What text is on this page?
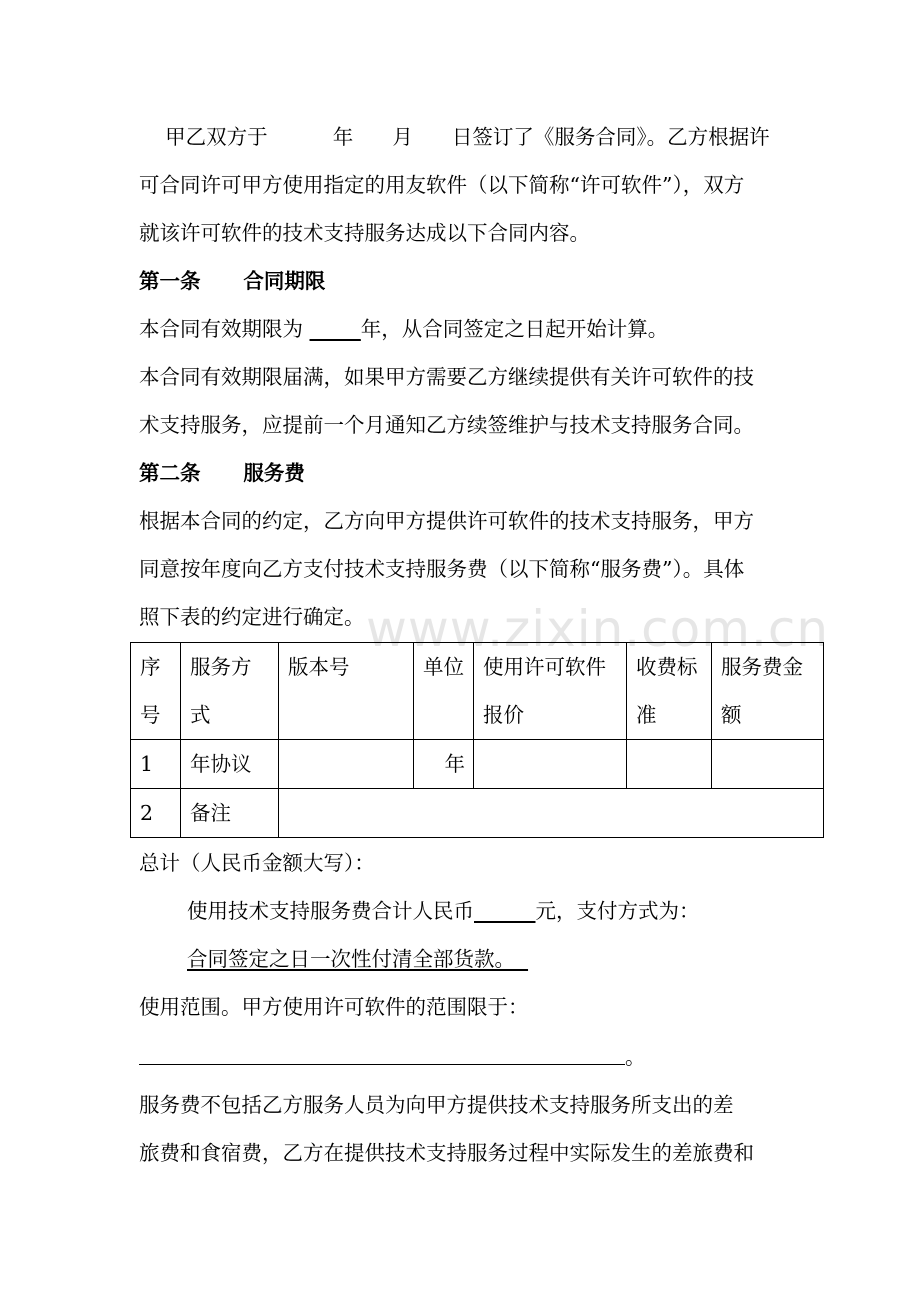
甲乙双方于          年      月      日签订了《服务合同》。乙方根据许
可合同许可甲方使用指定的用友软件（以下简称“许可软件”），双方
就该许可软件的技术支持服务达成以下合同内容。
第一条      合同期限
本合同有效期限为 _____年，从合同签定之日起开始计算。
本合同有效期限届满，如果甲方需要乙方继续提供有关许可软件的技
术支持服务，应提前一个月通知乙方续签维护与技术支持服务合同。
第二条      服务费
根据本合同的约定，乙方向甲方提供许可软件的技术支持服务，甲方
同意按年度向乙方支付技术支持服务费（以下简称“服务费”）。具体
照下表的约定进行确定。 www.zixin.com.cn
序号	服务方式	版本号	单位	使用许可软件报价	收费标准	服务费金额
1	年协议		年			
2	备注					
总计（人民币金额大写）：
使用技术支持服务费合计人民币______元，支付方式为：
合同签定之日一次性付清全部货款。
使用范围。甲方使用许可软件的范围限于：
。
服务费不包括乙方服务人员为向甲方提供技术支持服务所支出的差
旅费和食宿费，乙方在提供技术支持服务过程中实际发生的差旅费和
